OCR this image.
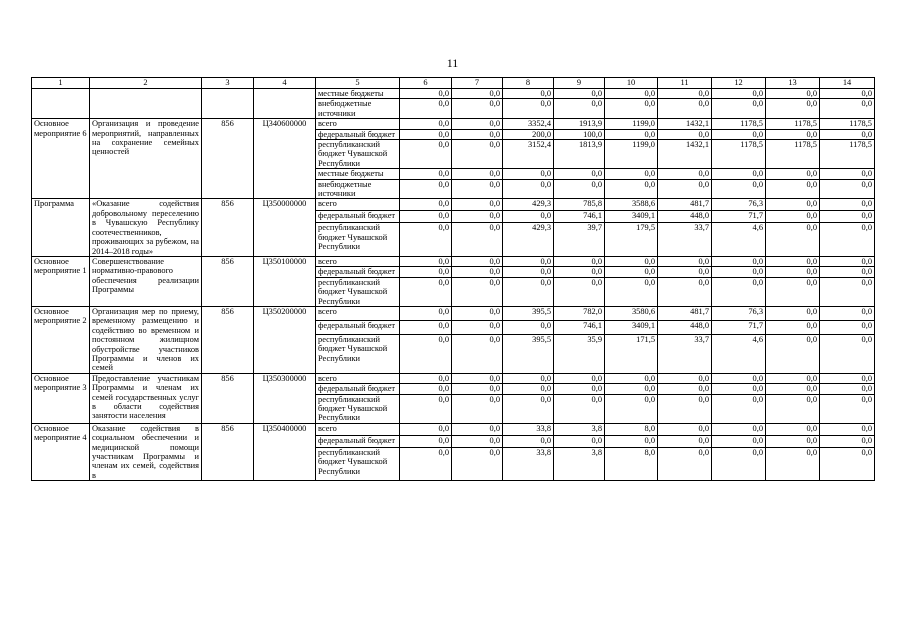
11
1	2	3	4	5	6	7	8	9	10	11	12	13	14
				местные бюджеты	0,0	0,0	0,0	0,0	0,0	0,0	0,0	0,0	0,0
				внебюджетные источники	0,0	0,0	0,0	0,0	0,0	0,0	0,0	0,0	0,0
Основное мероприятие 6	Организация и проведение мероприятий, направленных на сохранение семейных ценностей	856	Ц340600000	всего	0,0	0,0	3352,4	1913,9	1199,0	1432,1	1178,5	1178,5	1178,5
				федеральный бюджет	0,0	0,0	200,0	100,0	0,0	0,0	0,0	0,0	0,0
				республиканский бюджет Чувашской Республики	0,0	0,0	3152,4	1813,9	1199,0	1432,1	1178,5	1178,5	1178,5
				местные бюджеты	0,0	0,0	0,0	0,0	0,0	0,0	0,0	0,0	0,0
				внебюджетные источники	0,0	0,0	0,0	0,0	0,0	0,0	0,0	0,0	0,0
Программа	«Оказание содействия добровольному переселению в Чувашскую Республику соотечественников, проживающих за рубежом, на 2014–2018 годы»	856	Ц350000000	всего	0,0	0,0	429,3	785,8	3588,6	481,7	76,3	0,0	0,0
				федеральный бюджет	0,0	0,0	0,0	746,1	3409,1	448,0	71,7	0,0	0,0
				республиканский бюджет Чувашской Республики	0,0	0,0	429,3	39,7	179,5	33,7	4,6	0,0	0,0
Основное мероприятие 1	Совершенствование нормативно-правового обеспечения реализации Программы	856	Ц350100000	всего	0,0	0,0	0,0	0,0	0,0	0,0	0,0	0,0	0,0
				федеральный бюджет	0,0	0,0	0,0	0,0	0,0	0,0	0,0	0,0	0,0
				республиканский бюджет Чувашской Республики	0,0	0,0	0,0	0,0	0,0	0,0	0,0	0,0	0,0
Основное мероприятие 2	Организация мер по приему, временному размещению и содействию во временном и постоянном жилищном обустройстве участников Программы и членов их семей	856	Ц350200000	всего	0,0	0,0	395,5	782,0	3580,6	481,7	76,3	0,0	0,0
				федеральный бюджет	0,0	0,0	0,0	746,1	3409,1	448,0	71,7	0,0	0,0
				республиканский бюджет Чувашской Республики	0,0	0,0	395,5	35,9	171,5	33,7	4,6	0,0	0,0
Основное мероприятие 3	Предоставление участникам Программы и членам их семей государственных услуг в области содействия занятости населения	856	Ц350300000	всего	0,0	0,0	0,0	0,0	0,0	0,0	0,0	0,0	0,0
				федеральный бюджет	0,0	0,0	0,0	0,0	0,0	0,0	0,0	0,0	0,0
				республиканский бюджет Чувашской Республики	0,0	0,0	0,0	0,0	0,0	0,0	0,0	0,0	0,0
Основное мероприятие 4	Оказание содействия в социальном обеспечении и медицинской помощи участникам Программы и членам их семей, содействия в	856	Ц350400000	всего	0,0	0,0	33,8	3,8	8,0	0,0	0,0	0,0	0,0
				федеральный бюджет	0,0	0,0	0,0	0,0	0,0	0,0	0,0	0,0	0,0
				республиканский бюджет Чувашской Республики	0,0	0,0	33,8	3,8	8,0	0,0	0,0	0,0	0,0
